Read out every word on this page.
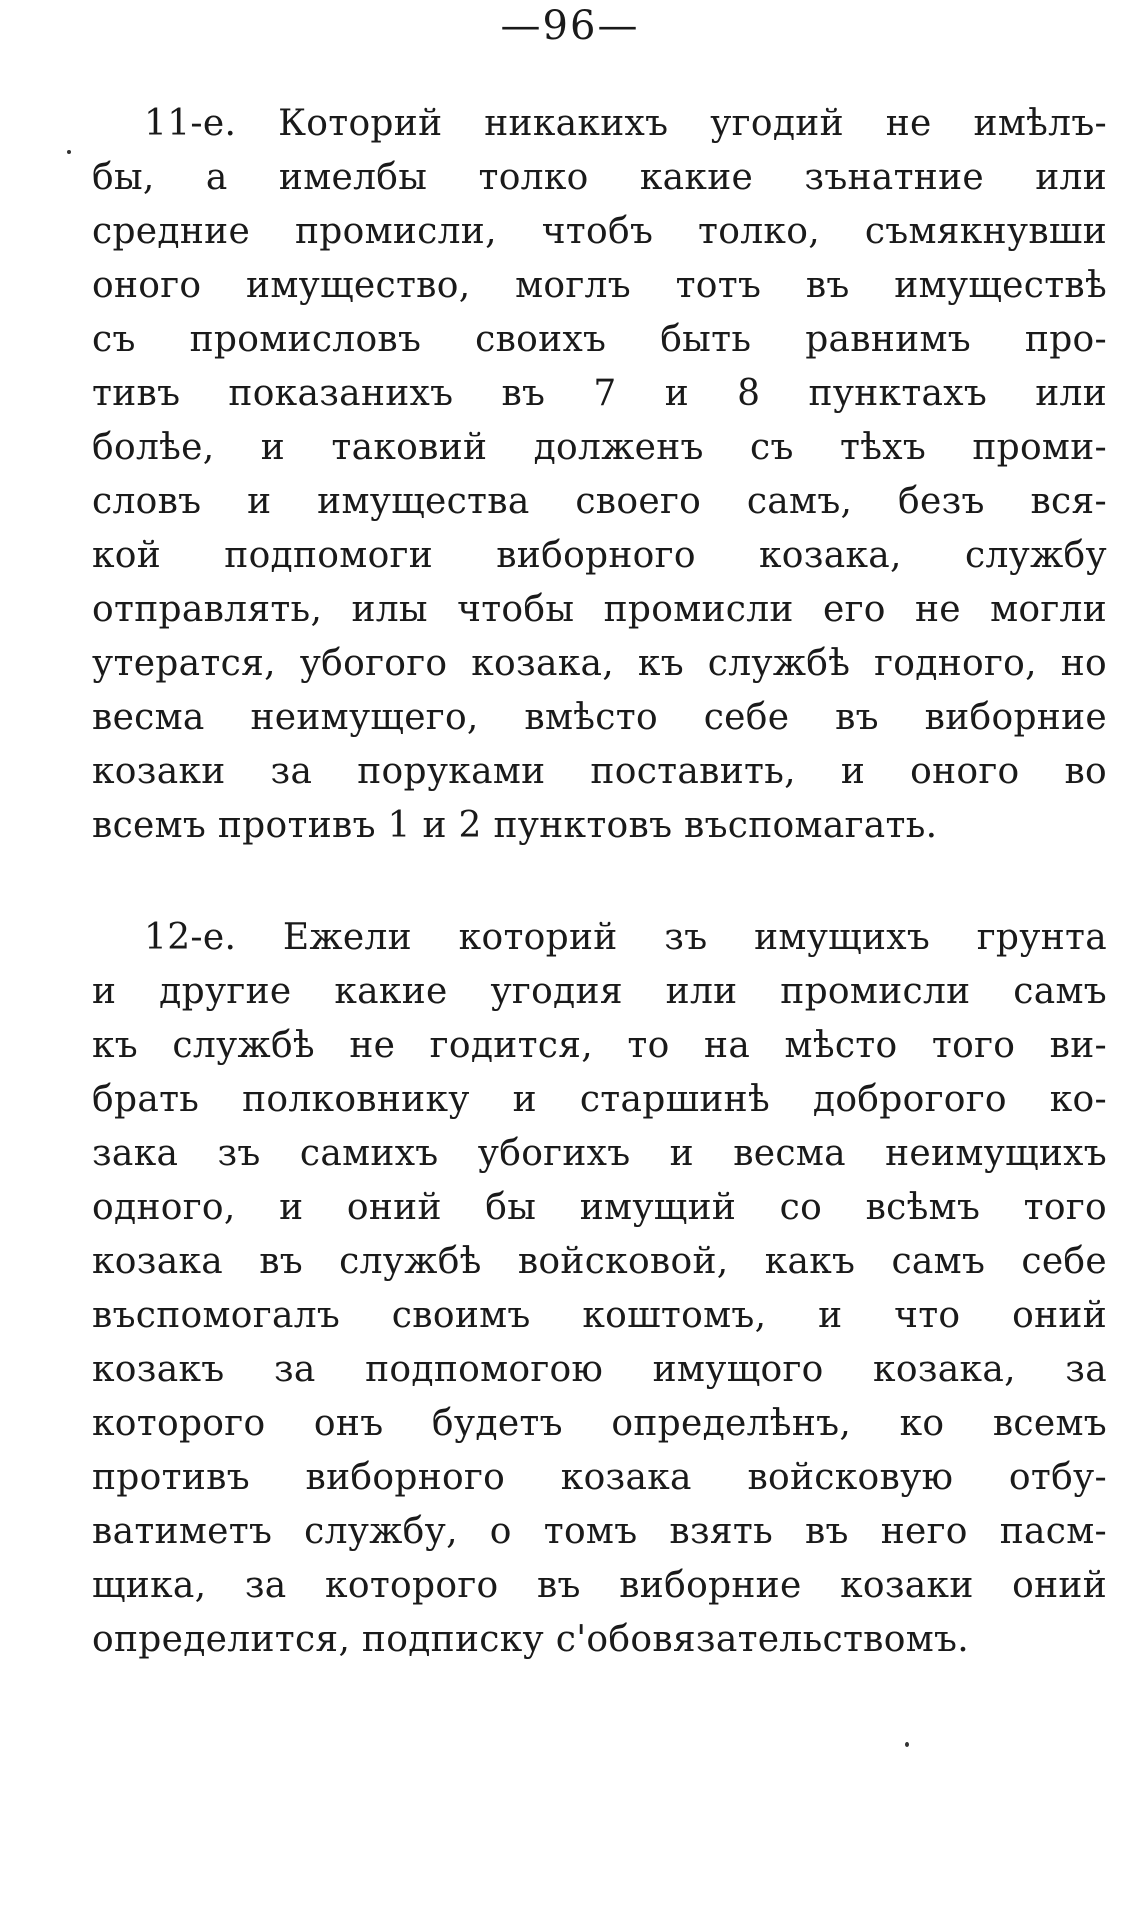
—96—
11-е. Которий никакихъ угодий не имѣлъ-
бы, а имелбы толко какие зънатние или
средние промисли, чтобъ толко, съмякнувши
оного имущество, моглъ тотъ въ имуществѣ
съ промисловъ своихъ быть равнимъ про-
тивъ показанихъ въ 7 и 8 пунктахъ или
болѣе, и таковий долженъ съ тѣхъ проми-
словъ и имущества своего самъ, безъ вся-
кой подпомоги виборного козака, службу
отправлять, илы чтобы промисли его не могли
утератся, убогого козака, къ службѣ годного, но
весма неимущего, вмѣсто себе въ виборние
козаки за поруками поставить, и оного во
всемъ противъ 1 и 2 пунктовъ въспомагать.
12-е. Ежели которий зъ имущихъ грунта
и другие какие угодия или промисли самъ
къ службѣ не годится, то на мѣсто того ви-
брать полковнику и старшинѣ доброгого ко-
зака зъ самихъ убогихъ и весма неимущихъ
одного, и оний бы имущий со всѣмъ того
козака въ службѣ войсковой, какъ самъ себе
въспомогалъ своимъ коштомъ, и что оний
козакъ за подпомогою имущого козака, за
которого онъ будетъ определѣнъ, ко всемъ
противъ виборного козака войсковую отбу-
ватиметъ службу, о томъ взять въ него пасм-
щика, за которого въ виборние козаки оний
определится, подписку с'обовязательствомъ.
